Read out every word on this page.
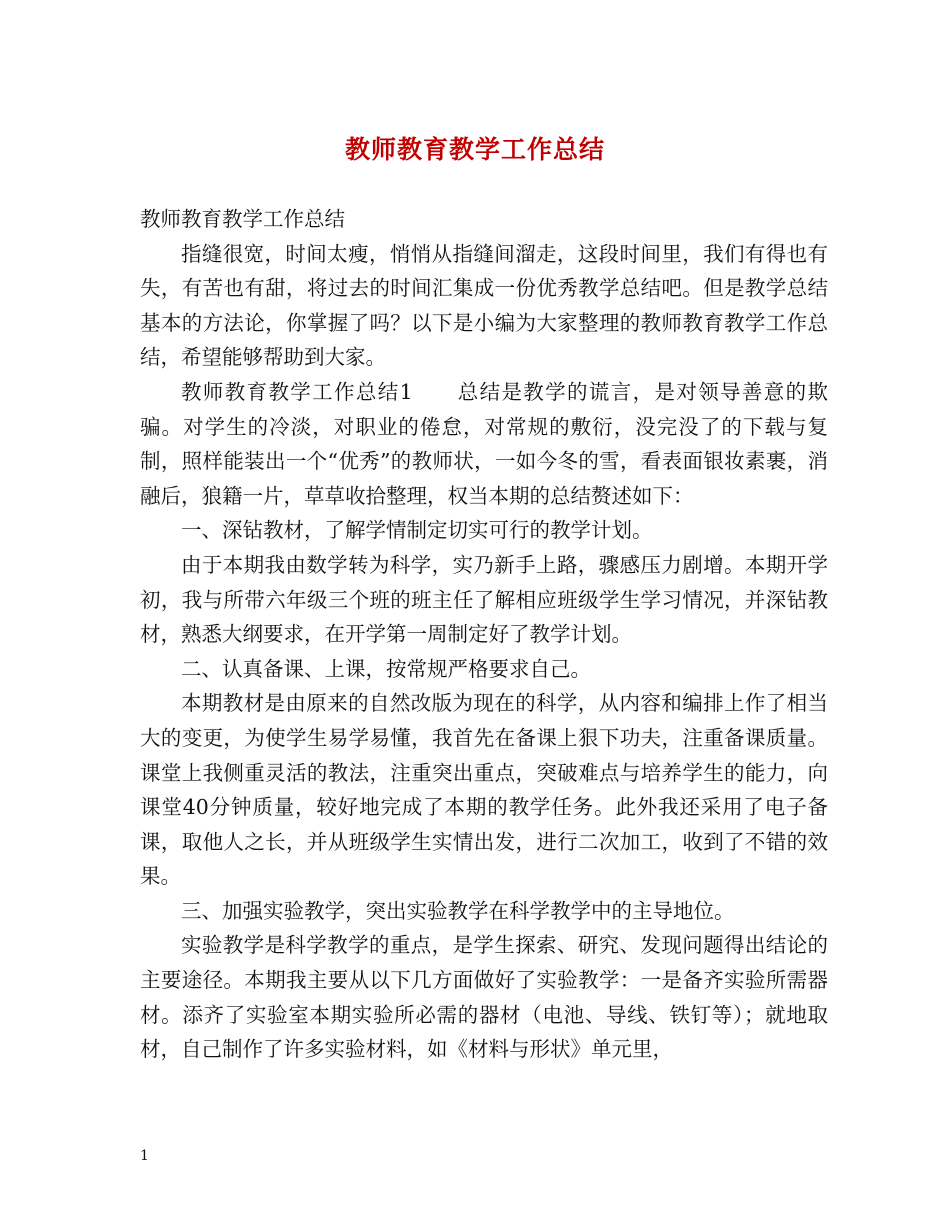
教师教育教学工作总结

教师教育教学工作总结

指缝很宽，时间太瘦，悄悄从指缝间溜走，这段时间里，我们有得也有失，有苦也有甜，将过去的时间汇集成一份优秀教学总结吧。但是教学总结基本的方法论，你掌握了吗？以下是小编为大家整理的教师教育教学工作总结，希望能够帮助到大家。

教师教育教学工作总结1　　总结是教学的谎言，是对领导善意的欺骗。对学生的冷淡，对职业的倦怠，对常规的敷衍，没完没了的下载与复制，照样能装出一个“优秀”的教师状，一如今冬的雪，看表面银妆素裹，消融后，狼籍一片，草草收拾整理，权当本期的总结赘述如下：

一、深钻教材，了解学情制定切实可行的教学计划。

由于本期我由数学转为科学，实乃新手上路，骤感压力剧增。本期开学初，我与所带六年级三个班的班主任了解相应班级学生学习情况，并深钻教材，熟悉大纲要求，在开学第一周制定好了教学计划。

二、认真备课、上课，按常规严格要求自己。

本期教材是由原来的自然改版为现在的科学，从内容和编排上作了相当大的变更，为使学生易学易懂，我首先在备课上狠下功夫，注重备课质量。课堂上我侧重灵活的教法，注重突出重点，突破难点与培养学生的能力，向课堂40分钟质量，较好地完成了本期的教学任务。此外我还采用了电子备课，取他人之长，并从班级学生实情出发，进行二次加工，收到了不错的效果。

三、加强实验教学，突出实验教学在科学教学中的主导地位。

实验教学是科学教学的重点，是学生探索、研究、发现问题得出结论的主要途径。本期我主要从以下几方面做好了实验教学：一是备齐实验所需器材。添齐了实验室本期实验所必需的器材（电池、导线、铁钉等）；就地取材，自己制作了许多实验材料，如《材料与形状》单元里，

1
